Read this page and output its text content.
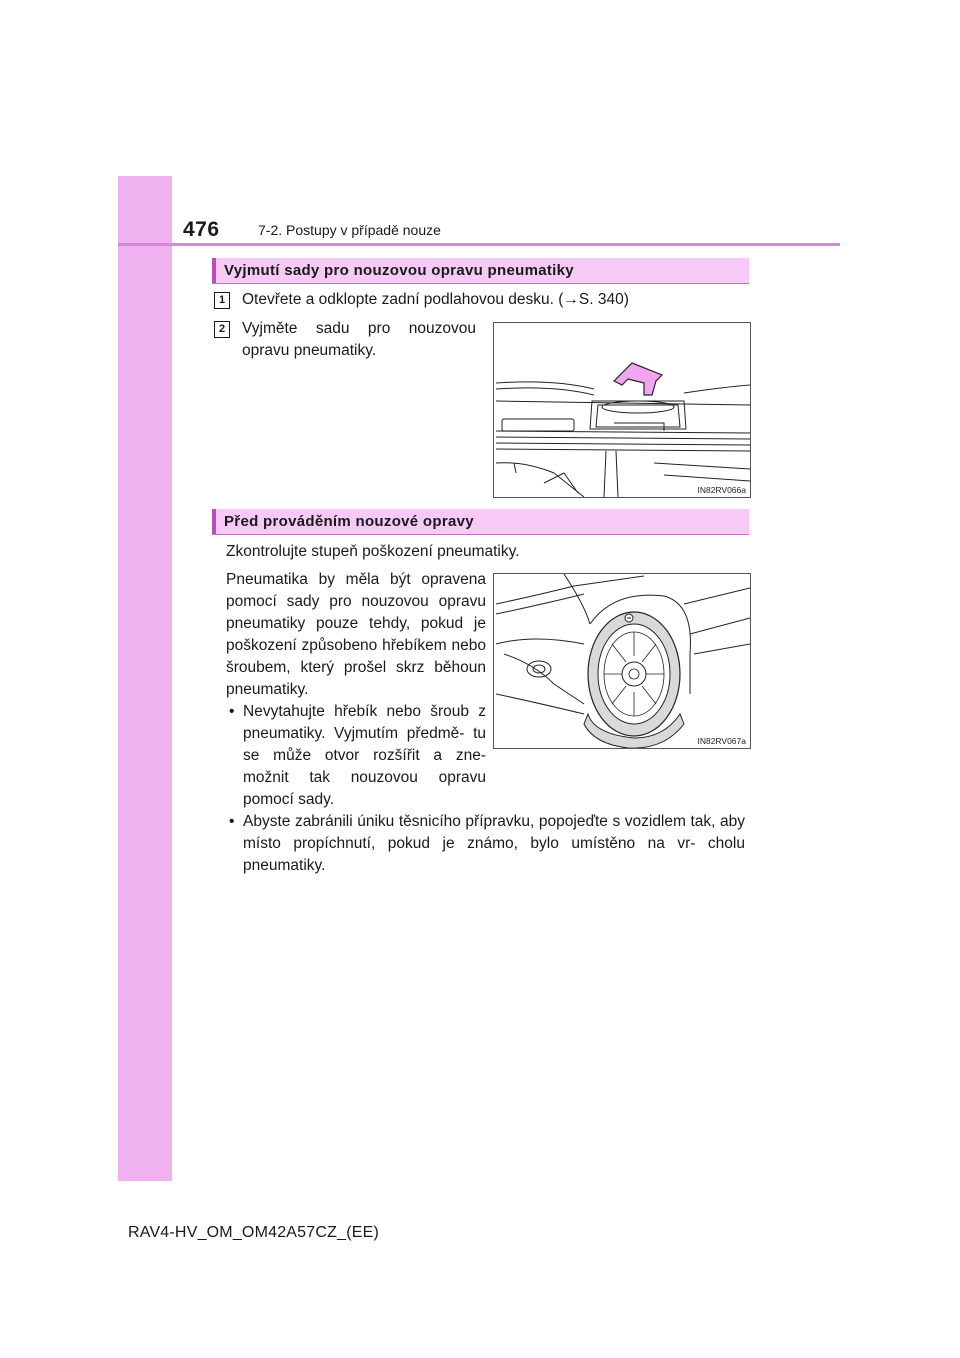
476	7-2. Postupy v případě nouze
Vyjmutí sady pro nouzovou opravu pneumatiky
1	Otevřete a odklopte zadní podlahovou desku. (→S. 340)
2	Vyjměte sadu pro nouzovou opravu pneumatiky.
IN82RV066a
Před prováděním nouzové opravy
Zkontrolujte stupeň poškození pneumatiky.
Pneumatika by měla být opravena pomocí sady pro nouzovou opravu pneumatiky pouze tehdy, pokud je poškození způsobeno hřebíkem nebo šroubem, který prošel skrz běhoun pneumatiky.
IN82RV067a
• Nevytahujte hřebík nebo šroub z pneumatiky. Vyjmutím předmě- tu se může otvor rozšířit a zne- možnit tak nouzovou opravu pomocí sady.
• Abyste zabránili úniku těsnicího přípravku, popojeďte s vozidlem tak, aby místo propíchnutí, pokud je známo, bylo umístěno na vr- cholu pneumatiky.
RAV4-HV_OM_OM42A57CZ_(EE)
